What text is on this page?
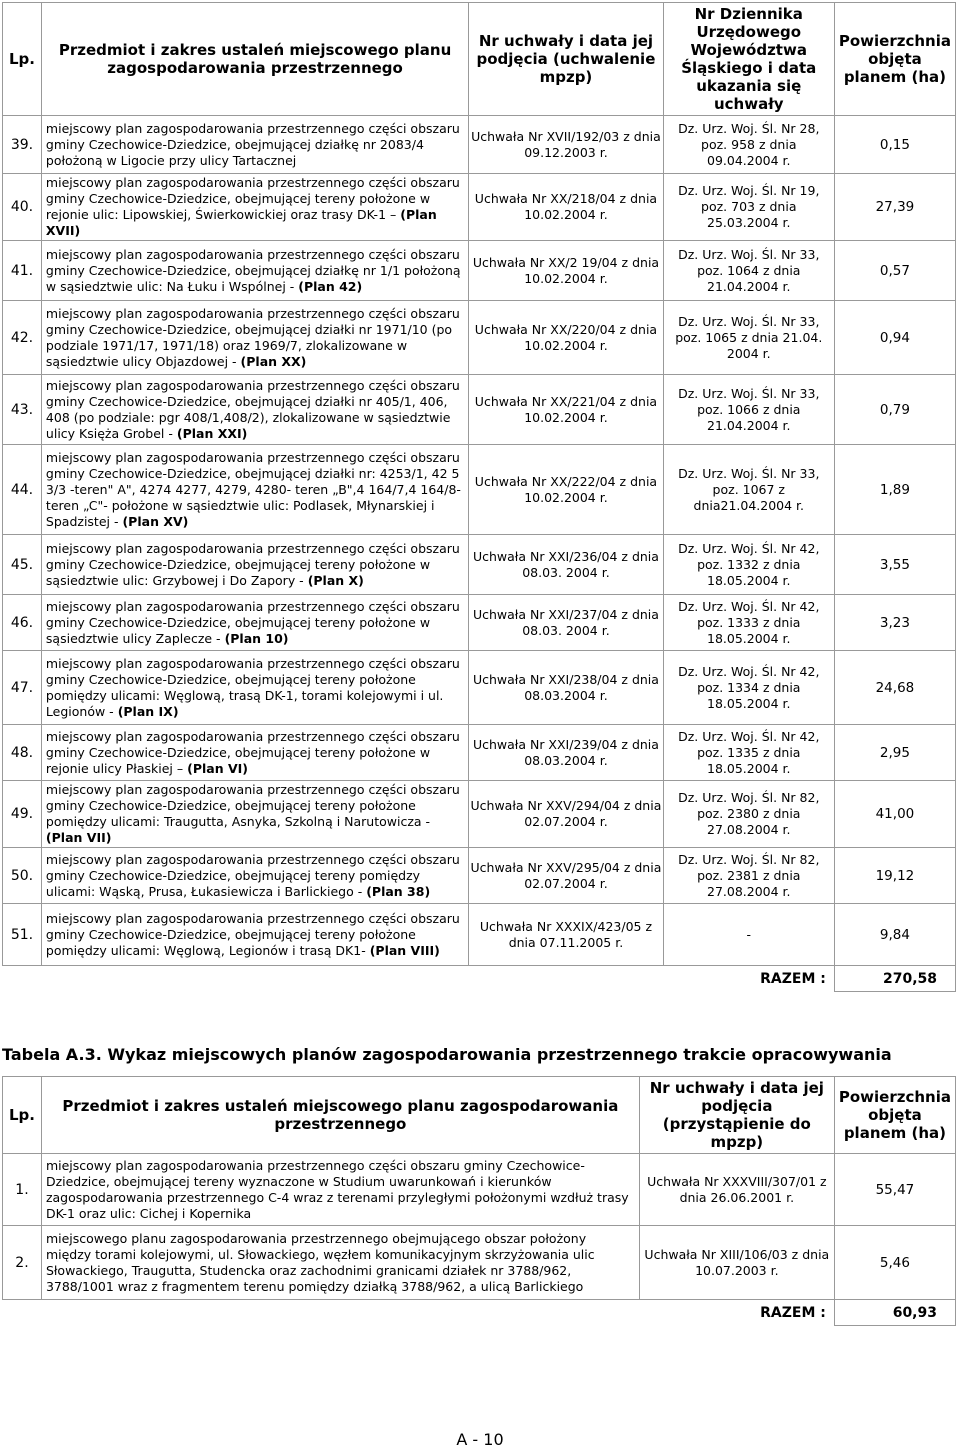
Lp.	Przedmiot i zakres ustaleń miejscowego planu zagospodarowania przestrzennego	Nr uchwały i data jej podjęcia (uchwalenie mpzp)	Nr Dziennika Urzędowego Województwa Śląskiego i data ukazania się uchwały	Powierzchnia objęta planem (ha)
39.	miejscowy plan zagospodarowania przestrzennego części obszaru gminy Czechowice-Dziedzice, obejmującej działkę nr 2083/4 położoną w Ligocie przy ulicy Tartacznej	Uchwała Nr XVII/192/03 z dnia 09.12.2003 r.	Dz. Urz. Woj. Śl. Nr 28, poz. 958 z dnia 09.04.2004 r.	0,15
40.	miejscowy plan zagospodarowania przestrzennego części obszaru gminy Czechowice-Dziedzice, obejmującej tereny położone w rejonie ulic: Lipowskiej, Świerkowickiej oraz trasy DK-1 – (Plan XVII)	Uchwała Nr XX/218/04 z dnia 10.02.2004 r.	Dz. Urz. Woj. Śl. Nr 19, poz. 703 z dnia 25.03.2004 r.	27,39
41.	miejscowy plan zagospodarowania przestrzennego części obszaru gminy Czechowice-Dziedzice, obejmującej działkę nr 1/1 położoną w sąsiedztwie ulic: Na Łuku i Wspólnej - (Plan 42)	Uchwała Nr XX/2 19/04 z dnia 10.02.2004 r.	Dz. Urz. Woj. Śl. Nr 33, poz. 1064 z dnia 21.04.2004 r.	0,57
42.	miejscowy plan zagospodarowania przestrzennego części obszaru gminy Czechowice-Dziedzice, obejmującej działki nr 1971/10 (po podziale 1971/17, 1971/18) oraz 1969/7, zlokalizowane w sąsiedztwie ulicy Objazdowej - (Plan XX)	Uchwała Nr XX/220/04 z dnia 10.02.2004 r.	Dz. Urz. Woj. Śl. Nr 33, poz. 1065 z dnia 21.04. 2004 r.	0,94
43.	miejscowy plan zagospodarowania przestrzennego części obszaru gminy Czechowice-Dziedzice, obejmującej działki nr 405/1, 406, 408 (po podziale: pgr 408/1,408/2), zlokalizowane w sąsiedztwie ulicy Księża Grobel - (Plan XXI)	Uchwała Nr XX/221/04 z dnia 10.02.2004 r.	Dz. Urz. Woj. Śl. Nr 33, poz. 1066 z dnia 21.04.2004 r.	0,79
44.	miejscowy plan zagospodarowania przestrzennego części obszaru gminy Czechowice-Dziedzice, obejmującej działki nr: 4253/1, 42 5 3/3 -teren" A", 4274 4277, 4279, 4280- teren „B",4 164/7,4 164/8- teren „C"- położone w sąsiedztwie ulic: Podlasek, Młynarskiej i Spadzistej - (Plan XV)	Uchwała Nr XX/222/04 z dnia 10.02.2004 r.	Dz. Urz. Woj. Śl. Nr 33, poz. 1067 z dnia21.04.2004 r.	1,89
45.	miejscowy plan zagospodarowania przestrzennego części obszaru gminy Czechowice-Dziedzice, obejmującej tereny położone w sąsiedztwie ulic: Grzybowej i Do Zapory - (Plan X)	Uchwała Nr XXI/236/04 z dnia 08.03. 2004 r.	Dz. Urz. Woj. Śl. Nr 42, poz. 1332 z dnia 18.05.2004 r.	3,55
46.	miejscowy plan zagospodarowania przestrzennego części obszaru gminy Czechowice-Dziedzice, obejmującej tereny położone w sąsiedztwie ulicy Zaplecze - (Plan 10)	Uchwała Nr XXI/237/04 z dnia 08.03. 2004 r.	Dz. Urz. Woj. Śl. Nr 42, poz. 1333 z dnia 18.05.2004 r.	3,23
47.	miejscowy plan zagospodarowania przestrzennego części obszaru gminy Czechowice-Dziedzice, obejmującej tereny położone pomiędzy ulicami: Węglową, trasą DK-1, torami kolejowymi i ul. Legionów - (Plan IX)	Uchwała Nr XXI/238/04 z dnia 08.03.2004 r.	Dz. Urz. Woj. Śl. Nr 42, poz. 1334 z dnia 18.05.2004 r.	24,68
48.	miejscowy plan zagospodarowania przestrzennego części obszaru gminy Czechowice-Dziedzice, obejmującej tereny położone w rejonie ulicy Płaskiej – (Plan VI)	Uchwała Nr XXI/239/04 z dnia 08.03.2004 r.	Dz. Urz. Woj. Śl. Nr 42, poz. 1335 z dnia 18.05.2004 r.	2,95
49.	miejscowy plan zagospodarowania przestrzennego części obszaru gminy Czechowice-Dziedzice, obejmującej tereny położone pomiędzy ulicami: Traugutta, Asnyka, Szkolną i Narutowicza - (Plan VII)	Uchwała Nr XXV/294/04 z dnia 02.07.2004 r.	Dz. Urz. Woj. Śl. Nr 82, poz. 2380 z dnia 27.08.2004 r.	41,00
50.	miejscowy plan zagospodarowania przestrzennego części obszaru gminy Czechowice-Dziedzice, obejmującej tereny pomiędzy ulicami: Wąską, Prusa, Łukasiewicza i Barlickiego - (Plan 38)	Uchwała Nr XXV/295/04 z dnia 02.07.2004 r.	Dz. Urz. Woj. Śl. Nr 82, poz. 2381 z dnia 27.08.2004 r.	19,12
51.	miejscowy plan zagospodarowania przestrzennego części obszaru gminy Czechowice-Dziedzice, obejmującej tereny położone pomiędzy ulicami: Węglową, Legionów i trasą DK1- (Plan VIII)	Uchwała Nr XXXIX/423/05 z dnia 07.11.2005 r.	-	9,84
	RAZEM :			270,58
Tabela A.3. Wykaz miejscowych planów zagospodarowania przestrzennego trakcie opracowywania
Lp.	Przedmiot i zakres ustaleń miejscowego planu zagospodarowania przestrzennego	Nr uchwały i data jej podjęcia (przystąpienie do mpzp)	Powierzchnia objęta planem (ha)
1.	miejscowy plan zagospodarowania przestrzennego części obszaru gminy Czechowice-Dziedzice, obejmującej tereny wyznaczone w Studium uwarunkowań i kierunków zagospodarowania przestrzennego C-4 wraz z terenami przyległymi położonymi wzdłuż trasy DK-1 oraz ulic: Cichej i Kopernika	Uchwała Nr XXXVIII/307/01 z dnia 26.06.2001 r.	55,47
2.	miejscowego planu zagospodarowania przestrzennego obejmującego obszar położony między torami kolejowymi, ul. Słowackiego, węzłem komunikacyjnym skrzyżowania ulic Słowackiego, Traugutta, Studencka oraz zachodnimi granicami działek nr 3788/962, 3788/1001 wraz z fragmentem terenu pomiędzy działką 3788/962, a ulicą Barlickiego	Uchwała Nr XIII/106/03 z dnia 10.07.2003 r.	5,46
	RAZEM :		60,93
A - 10
